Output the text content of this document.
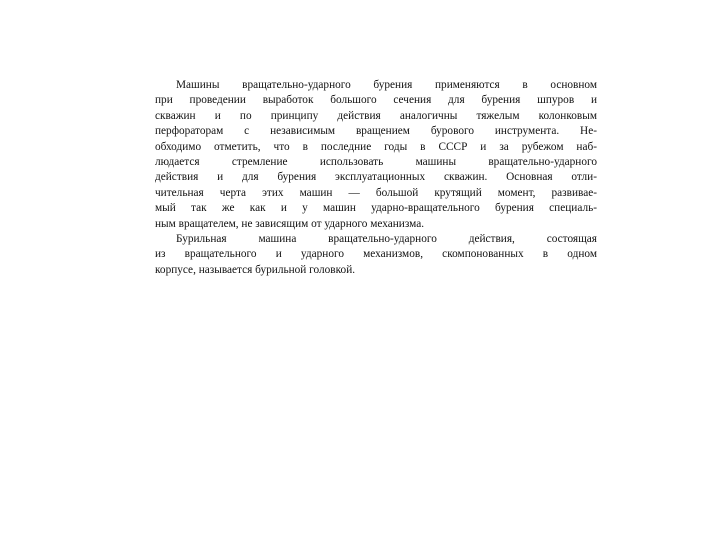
Машины вращательно-ударного бурения применяются в основном
при проведении выработок большого сечения для бурения шпуров и
скважин и по принципу действия аналогичны тяжелым колонковым
перфораторам с независимым вращением бурового инструмента. Не-
обходимо отметить, что в последние годы в СССР и за рубежом наб-
людается стремление использовать машины вращательно-ударного
действия и для бурения эксплуатационных скважин. Основная отли-
чительная черта этих машин — большой крутящий момент, развивае-
мый так же как и у машин ударно-вращательного бурения специаль-
ным вращателем, не зависящим от ударного механизма.
Бурильная машина вращательно-ударного действия, состоящая
из вращательного и ударного механизмов, скомпонованных в одном
корпусе, называется бурильной головкой.
